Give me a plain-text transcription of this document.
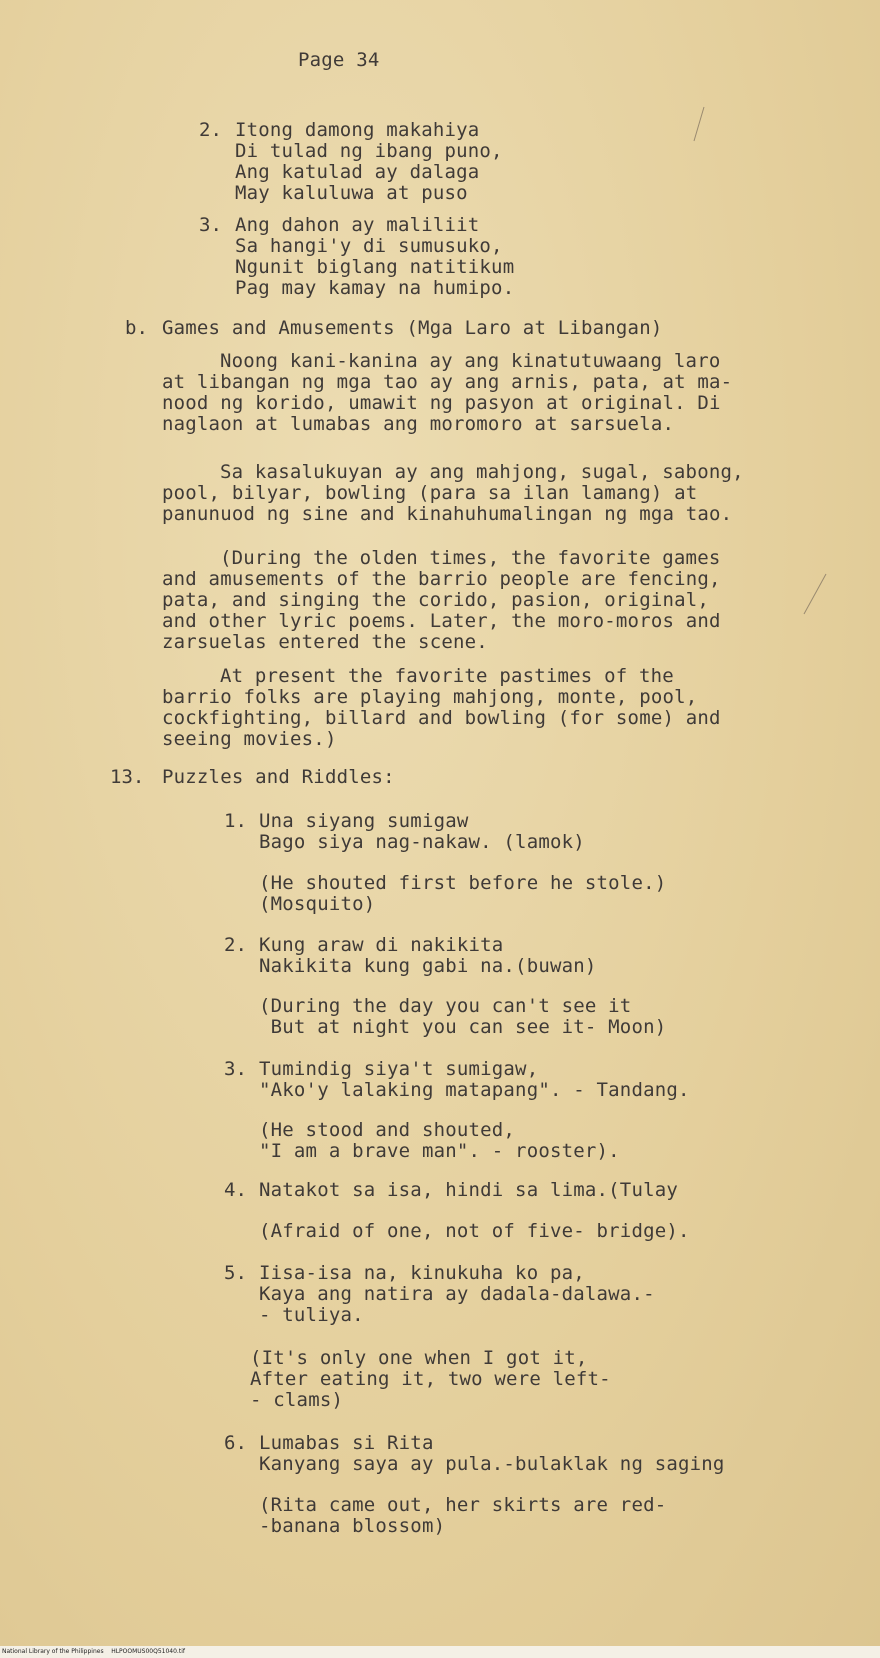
Page 34

2. Itong damong makahiya
Di tulad ng ibang puno,
Ang katulad ay dalaga
May kaluluwa at puso

3. Ang dahon ay maliliit
Sa hangi'y di sumusuko,
Ngunit biglang natitikum
Pag may kamay na humipo.

b. Games and Amusements (Mga Laro at Libangan)

Noong kani-kanina ay ang kinatutuwaang laro
at libangan ng mga tao ay ang arnis, pata, at ma-
nood ng korido, umawit ng pasyon at original. Di
naglaon at lumabas ang moromoro at sarsuela.

Sa kasalukuyan ay ang mahjong, sugal, sabong,
pool, bilyar, bowling (para sa ilan lamang) at
panunuod ng sine and kinahuhumalingan ng mga tao.

(During the olden times, the favorite games
and amusements of the barrio people are fencing,
pata, and singing the corido, pasion, original,
and other lyric poems. Later, the moro-moros and
zarsuelas entered the scene.

At present the favorite pastimes of the
barrio folks are playing mahjong, monte, pool,
cockfighting, billard and bowling (for some) and
seeing movies.)

13. Puzzles and Riddles:

1. Una siyang sumigaw
Bago siya nag-nakaw. (lamok)

(He shouted first before he stole.)
(Mosquito)

2. Kung araw di nakikita
Nakikita kung gabi na.(buwan)

(During the day you can't see it
But at night you can see it- Moon)

3. Tumindig siya't sumigaw,
"Ako'y lalaking matapang". - Tandang.

(He stood and shouted,
"I am a brave man". - rooster).

4. Natakot sa isa, hindi sa lima.(Tulay

(Afraid of one, not of five- bridge).

5. Iisa-isa na, kinukuha ko pa,
Kaya ang natira ay dadala-dalawa.-
- tuliya.

(It's only one when I got it,
After eating it, two were left-
- clams)

6. Lumabas si Rita
Kanyang saya ay pula.-bulaklak ng saging

(Rita came out, her skirts are red-
-banana blossom)

National Library of the Philippines    HLPOOMUS00Q51040.tif
